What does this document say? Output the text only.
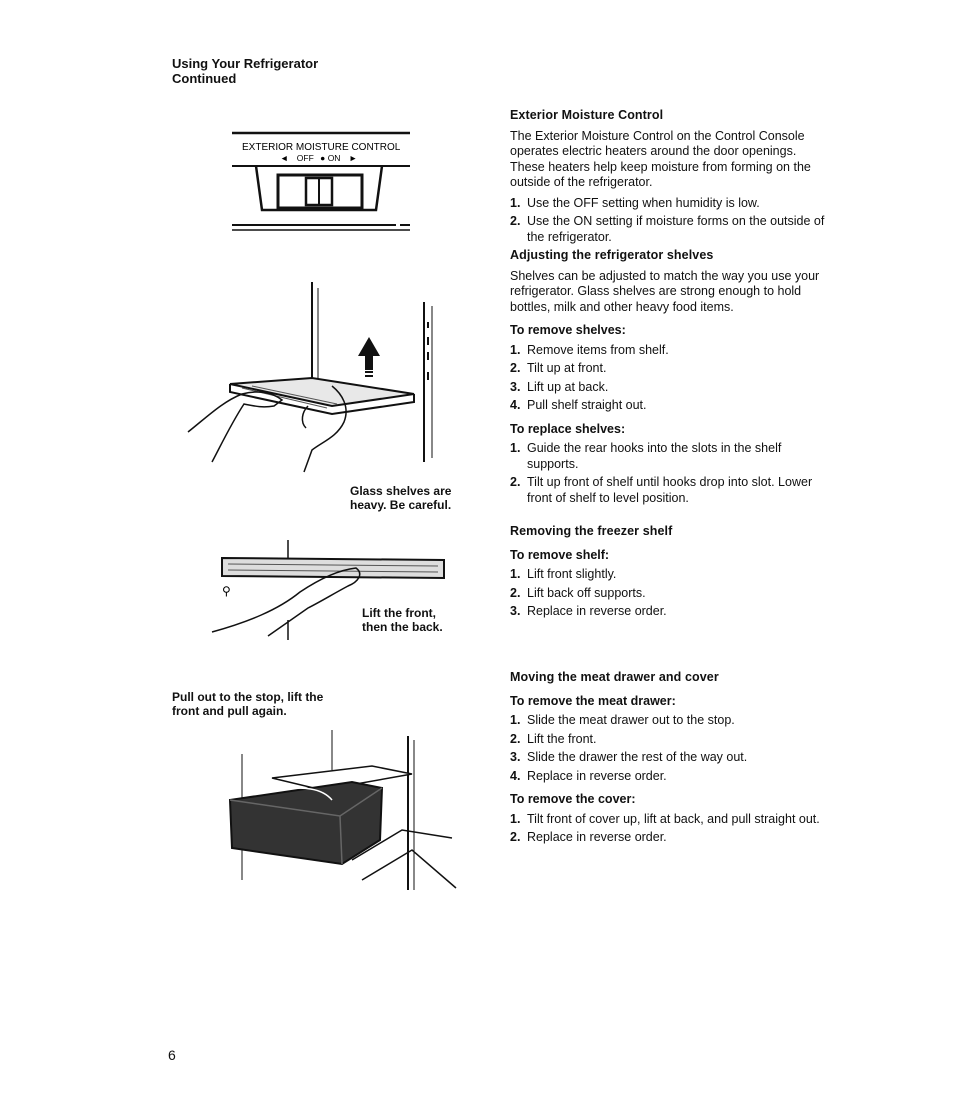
Using Your Refrigerator
Continued
EXTERIOR MOISTURE CONTROL
◄ OFF ● ON ►
Glass shelves are
heavy. Be careful.
⚲
Lift the front,
then the back.
Pull out to the stop, lift the
front and pull again.
Exterior Moisture Control

The Exterior Moisture Control on the Control Console operates electric heaters around the door openings. These heaters help keep moisture from forming on the outside of the refrigerator.

1. Use the OFF setting when humidity is low.
2. Use the ON setting if moisture forms on the outside of the refrigerator.
Adjusting the refrigerator shelves

Shelves can be adjusted to match the way you use your refrigerator. Glass shelves are strong enough to hold bottles, milk and other heavy food items.

To remove shelves:
1. Remove items from shelf.
2. Tilt up at front.
3. Lift up at back.
4. Pull shelf straight out.
To replace shelves:
1. Guide the rear hooks into the slots in the shelf supports.
2. Tilt up front of shelf until hooks drop into slot. Lower front of shelf to level position.
Removing the freezer shelf
To remove shelf:
1. Lift front slightly.
2. Lift back off supports.
3. Replace in reverse order.
Moving the meat drawer and cover
To remove the meat drawer:
1. Slide the meat drawer out to the stop.
2. Lift the front.
3. Slide the drawer the rest of the way out.
4. Replace in reverse order.
To remove the cover:
1. Tilt front of cover up, lift at back, and pull straight out.
2. Replace in reverse order.
6
